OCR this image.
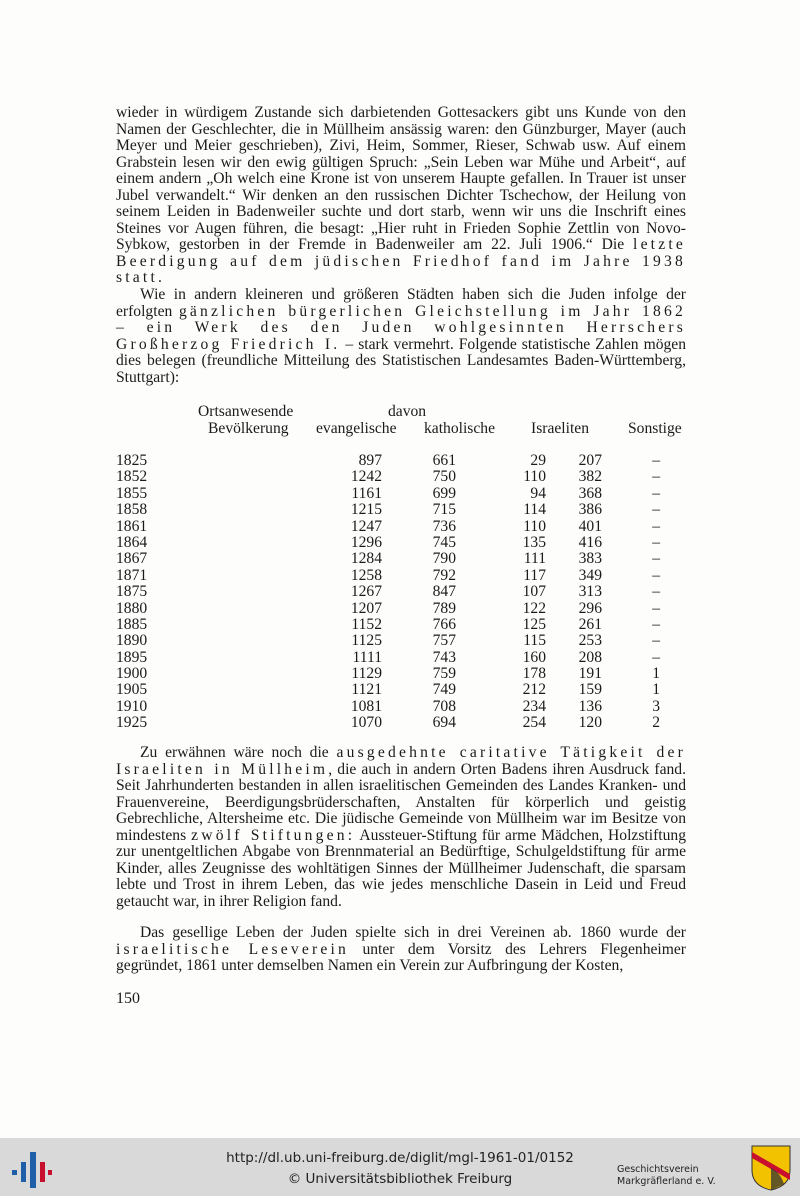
wieder in würdigem Zustande sich darbietenden Gottesackers gibt uns Kunde von den Namen der Geschlechter, die in Müllheim ansässig waren: den Günzburger, Mayer (auch Meyer und Meier geschrieben), Zivi, Heim, Sommer, Rieser, Schwab usw. Auf einem Grabstein lesen wir den ewig gültigen Spruch: „Sein Leben war Mühe und Arbeit“, auf einem andern „Oh welch eine Krone ist von unserem Haupte gefallen. In Trauer ist unser Jubel verwandelt.“ Wir denken an den russischen Dichter Tschechow, der Heilung von seinem Leiden in Badenweiler suchte und dort starb, wenn wir uns die Inschrift eines Steines vor Augen führen, die besagt: „Hier ruht in Frieden Sophie Zettlin von Novo-Sybkow, gestorben in der Fremde in Badenweiler am 22. Juli 1906.“ Die letzte Beerdigung auf dem jüdischen Friedhof fand im Jahre 1938 statt.

Wie in andern kleineren und größeren Städten haben sich die Juden infolge der erfolgten gänzlichen bürgerlichen Gleichstellung im Jahr 1862 – ein Werk des den Juden wohlgesinnten Herrschers Großherzog Friedrich I. – stark vermehrt. Folgende statistische Zahlen mögen dies belegen (freundliche Mitteilung des Statistischen Landesamtes Baden-Württemberg, Stuttgart):

Ortsanwesende
Bevölkerung
davon
evangelische katholische Israeliten Sonstige
1825	897	661	29 207	–
1852	1242	750	110 382	–
1855	1161	699	94 368	–
1858	1215	715	114 386	–
1861	1247	736	110 401	–
1864	1296	745	135 416	–
1867	1284	790	111 383	–
1871	1258	792	117 349	–
1875	1267	847	107 313	–
1880	1207	789	122 296	–
1885	1152	766	125 261	–
1890	1125	757	115 253	–
1895	1111	743	160 208	–
1900	1129	759	178 191	1
1905	1121	749	212 159	1
1910	1081	708	234 136	3
1925	1070	694	254 120	2

Zu erwähnen wäre noch die ausgedehnte caritative Tätigkeit der Israeliten in Müllheim, die auch in andern Orten Badens ihren Ausdruck fand. Seit Jahrhunderten bestanden in allen israelitischen Gemeinden des Landes Kranken- und Frauenvereine, Beerdigungsbrüderschaften, Anstalten für körperlich und geistig Gebrechliche, Altersheime etc. Die jüdische Gemeinde von Müllheim war im Besitze von mindestens zwölf Stiftungen: Aussteuer-Stiftung für arme Mädchen, Holzstiftung zur unentgeltlichen Abgabe von Brennmaterial an Bedürftige, Schulgeldstiftung für arme Kinder, alles Zeugnisse des wohltätigen Sinnes der Müllheimer Judenschaft, die sparsam lebte und Trost in ihrem Leben, das wie jedes menschliche Dasein in Leid und Freud getaucht war, in ihrer Religion fand.

Das gesellige Leben der Juden spielte sich in drei Vereinen ab. 1860 wurde der israelitische Leseverein unter dem Vorsitz des Lehrers Flegenheimer gegründet, 1861 unter demselben Namen ein Verein zur Aufbringung der Kosten,

150
http://dl.ub.uni-freiburg.de/diglit/mgl-1961-01/0152
© Universitätsbibliothek Freiburg
Geschichtsverein
Markgräflerland e. V.
